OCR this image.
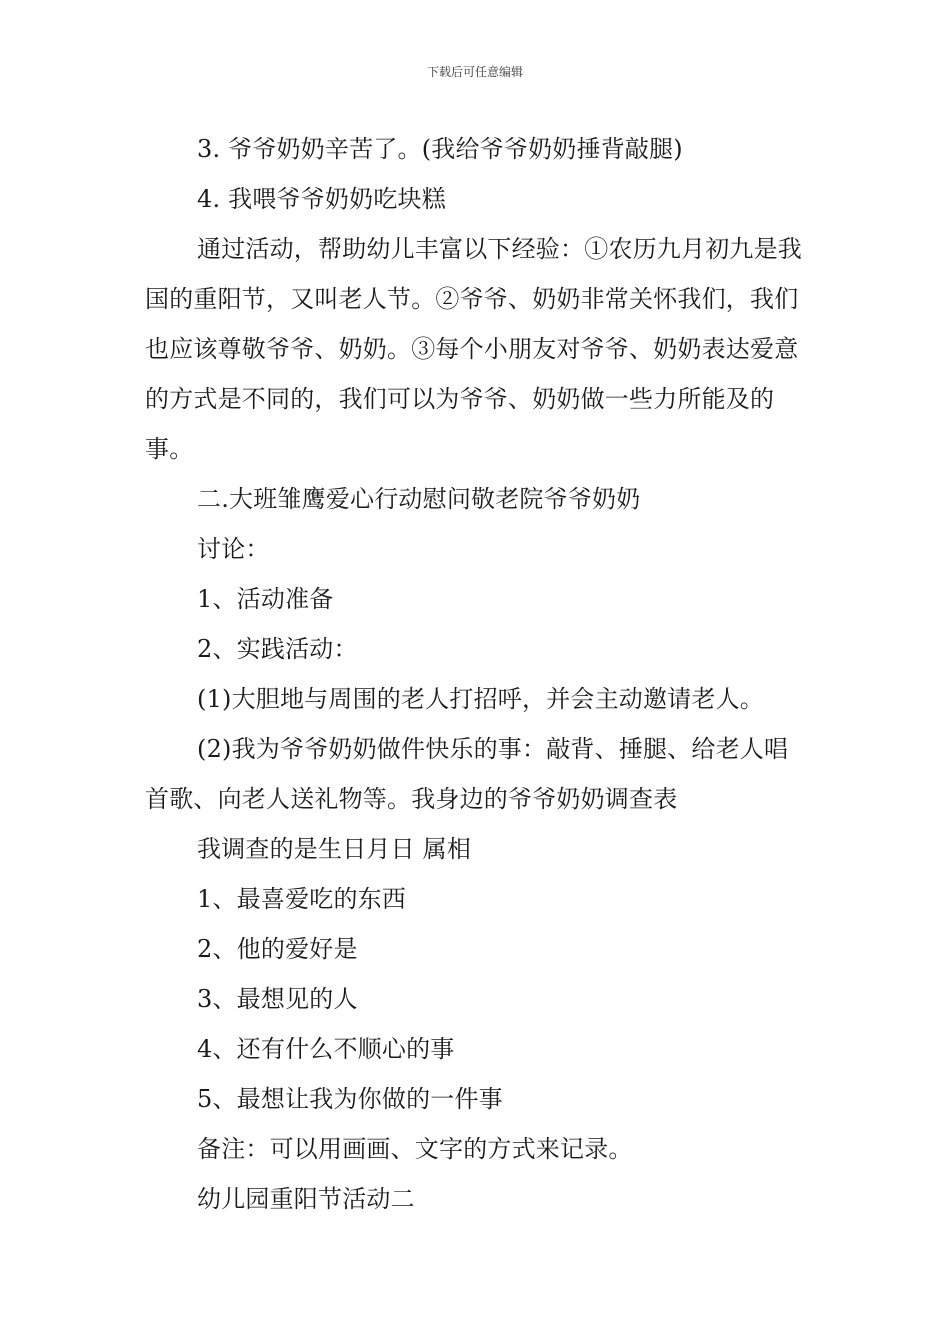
下载后可任意编辑

3. 爷爷奶奶辛苦了。(我给爷爷奶奶捶背敲腿)

4. 我喂爷爷奶奶吃块糕

通过活动，帮助幼儿丰富以下经验：①农历九月初九是我国的重阳节，又叫老人节。②爷爷、奶奶非常关怀我们，我们也应该尊敬爷爷、奶奶。③每个小朋友对爷爷、奶奶表达爱意的方式是不同的，我们可以为爷爷、奶奶做一些力所能及的事。

二.大班雏鹰爱心行动慰问敬老院爷爷奶奶

讨论：

1、活动准备

2、实践活动：

(1)大胆地与周围的老人打招呼，并会主动邀请老人。

(2)我为爷爷奶奶做件快乐的事：敲背、捶腿、给老人唱首歌、向老人送礼物等。我身边的爷爷奶奶调查表

我调查的是生日月日 属相

1、最喜爱吃的东西

2、他的爱好是

3、最想见的人

4、还有什么不顺心的事

5、最想让我为你做的一件事

备注：可以用画画、文字的方式来记录。

幼儿园重阳节活动二
